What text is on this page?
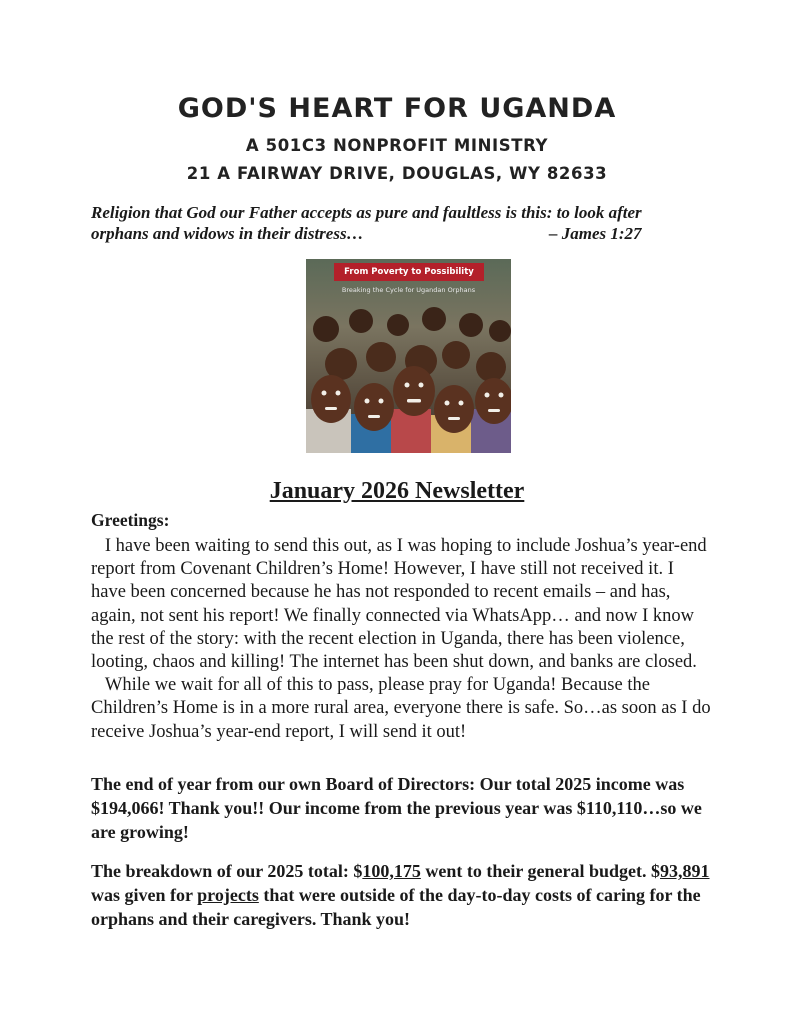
GOD'S HEART FOR UGANDA
A 501C3 NONPROFIT MINISTRY
21 A FAIRWAY DRIVE, DOUGLAS, WY 82633
Religion that God our Father accepts as pure and faultless is this: to look after
orphans and widows in their distress…	– James 1:27
From Poverty to Possibility
Breaking the Cycle for Ugandan Orphans
January 2026 Newsletter
Greetings:

I have been waiting to send this out, as I was hoping to include Joshua’s year-end report from Covenant Children’s Home! However, I have still not received it. I have been concerned because he has not responded to recent emails – and has, again, not sent his report! We finally connected via WhatsApp… and now I know the rest of the story: with the recent election in Uganda, there has been violence, looting, chaos and killing! The internet has been shut down, and banks are closed.

While we wait for all of this to pass, please pray for Uganda! Because the Children’s Home is in a more rural area, everyone there is safe. So…as soon as I do receive Joshua’s year-end report, I will send it out!

The end of year from our own Board of Directors: Our total 2025 income was $194,066! Thank you!! Our income from the previous year was $110,110…so we are growing!
The breakdown of our 2025 total: $100,175 went to their general budget. $93,891 was given for projects that were outside of the day-to-day costs of caring for the orphans and their caregivers. Thank you!
